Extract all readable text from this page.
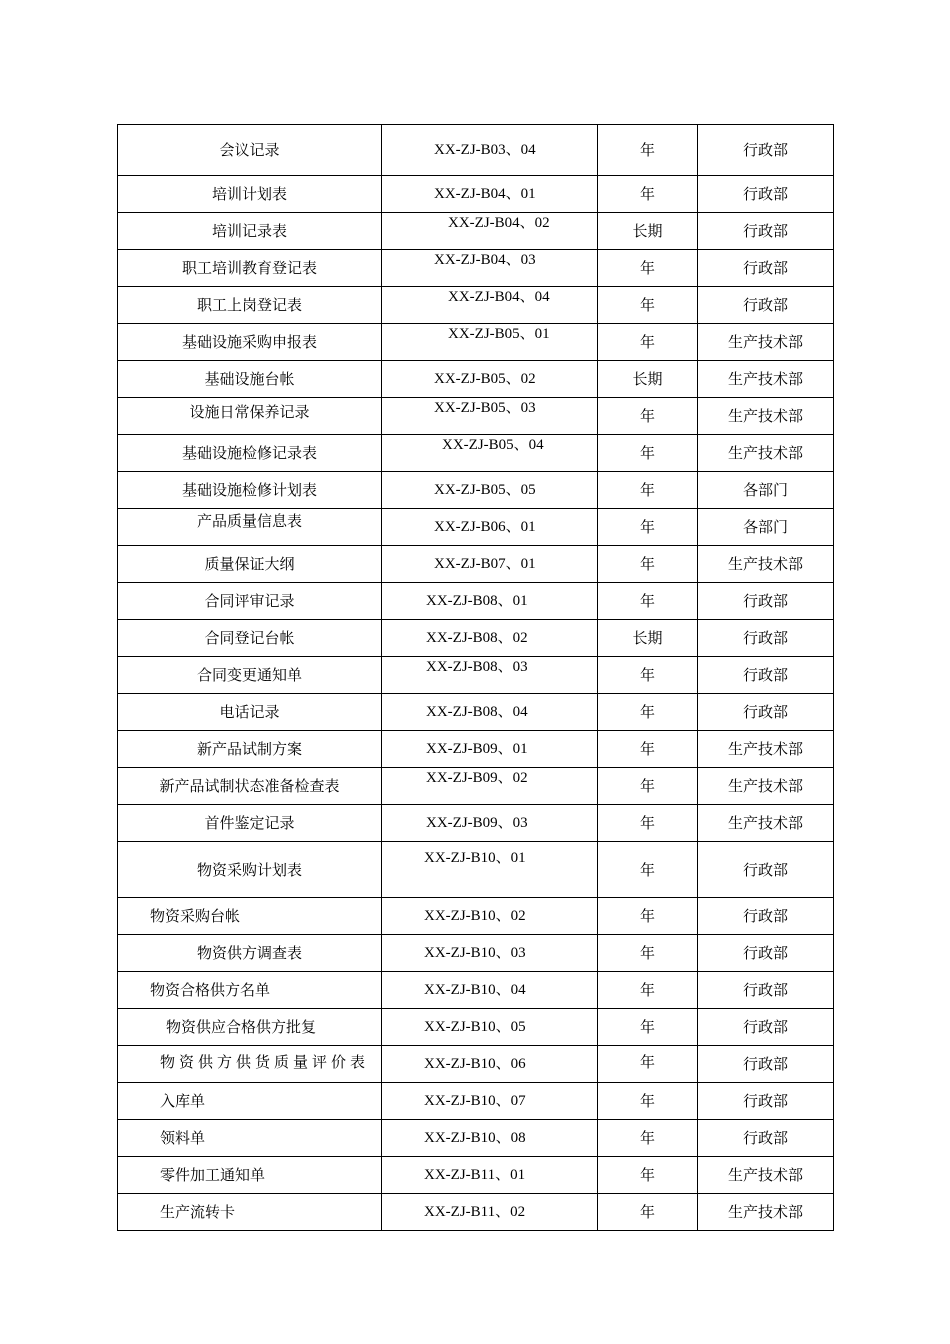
会议记录	XX-ZJ-B03、04	年	行政部
培训计划表	XX-ZJ-B04、01	年	行政部
培训记录表	XX-ZJ-B04、02	长期	行政部
职工培训教育登记表	XX-ZJ-B04、03	年	行政部
职工上岗登记表	XX-ZJ-B04、04	年	行政部
基础设施采购申报表	XX-ZJ-B05、01	年	生产技术部
基础设施台帐	XX-ZJ-B05、02	长期	生产技术部
设施日常保养记录	XX-ZJ-B05、03	年	生产技术部
基础设施检修记录表	XX-ZJ-B05、04	年	生产技术部
基础设施检修计划表	XX-ZJ-B05、05	年	各部门
产品质量信息表	XX-ZJ-B06、01	年	各部门
质量保证大纲	XX-ZJ-B07、01	年	生产技术部
合同评审记录	XX-ZJ-B08、01	年	行政部
合同登记台帐	XX-ZJ-B08、02	长期	行政部
合同变更通知单	XX-ZJ-B08、03	年	行政部
电话记录	XX-ZJ-B08、04	年	行政部
新产品试制方案	XX-ZJ-B09、01	年	生产技术部
新产品试制状态准备检查表	XX-ZJ-B09、02	年	生产技术部
首件鉴定记录	XX-ZJ-B09、03	年	生产技术部
物资采购计划表	XX-ZJ-B10、01	年	行政部
物资采购台帐	XX-ZJ-B10、02	年	行政部
物资供方调查表	XX-ZJ-B10、03	年	行政部
物资合格供方名单	XX-ZJ-B10、04	年	行政部
物资供应合格供方批复	XX-ZJ-B10、05	年	行政部
物资供方供货质量评价表	XX-ZJ-B10、06	年	行政部
入库单	XX-ZJ-B10、07	年	行政部
领料单	XX-ZJ-B10、08	年	行政部
零件加工通知单	XX-ZJ-B11、01	年	生产技术部
生产流转卡	XX-ZJ-B11、02	年	生产技术部
